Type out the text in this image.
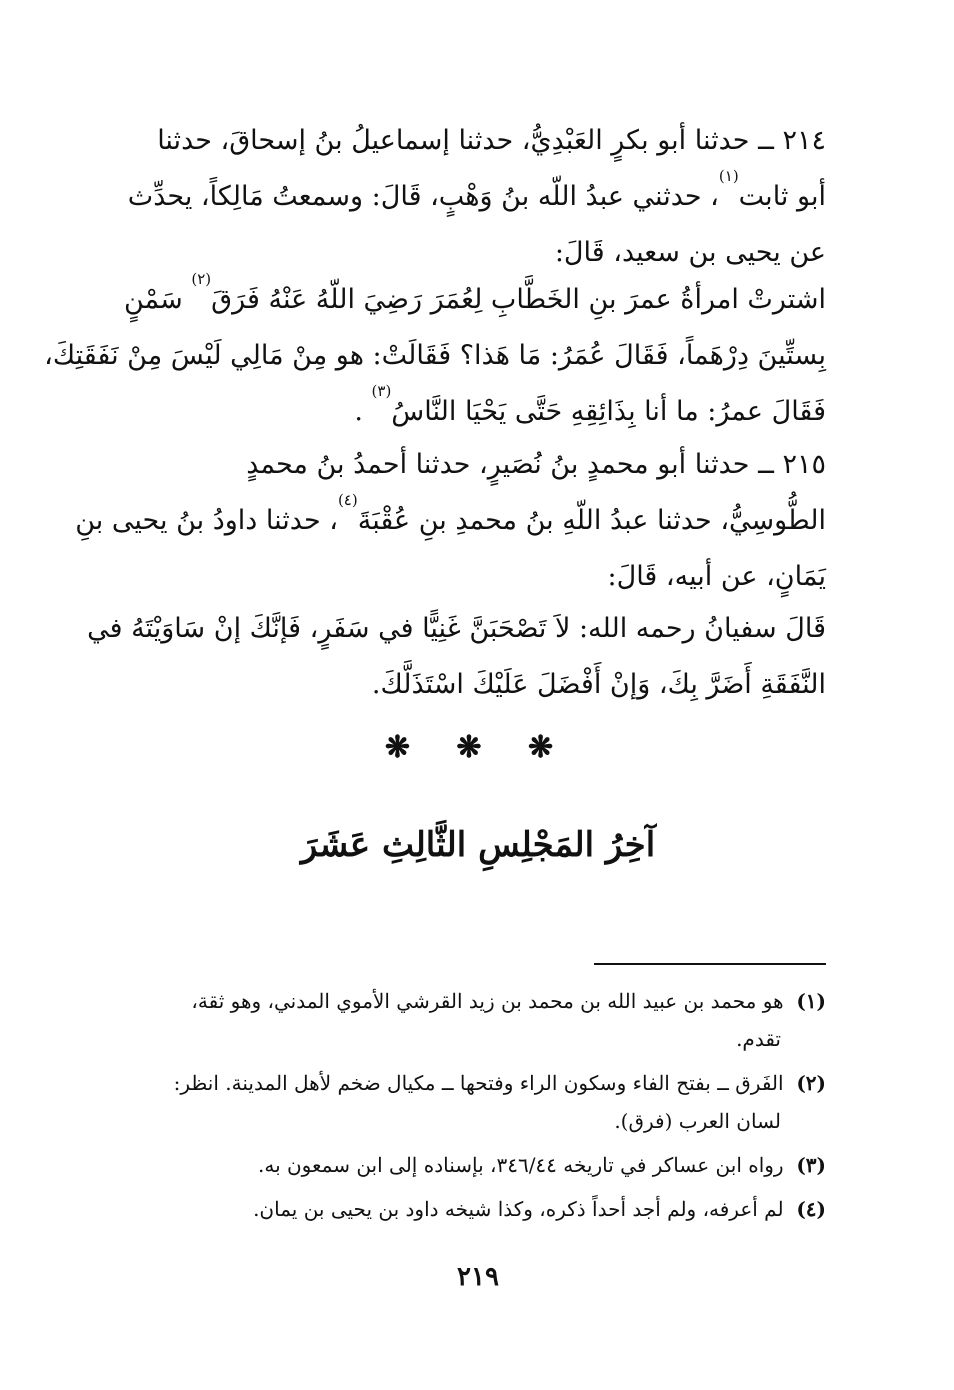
٢١٤ ــ حدثنا أبو بكرٍ العَبْدِيُّ، حدثنا إسماعيلُ بنُ إسحاقَ، حدثنا
أبو ثابت$^{(١)}$، حدثني عبدُ اللّه بنُ وَهْبٍ، قَالَ: وسمعتُ مَالِكاً، يحدِّث
عن يحيى بن سعيد، قَالَ:
اشترتْ امرأةُ عمرَ بنِ الخَطَّابِ لِعُمَرَ رَضِيَ اللّهُ عَنْهُ فَرَقَ$^{(٢)}$ سَمْنٍ
بِستِّينَ دِرْهَماً، فَقَالَ عُمَرُ: مَا هَذا؟ فَقَالَتْ: هو مِنْ مَالِي لَيْسَ مِنْ نَفَقَتِكَ،
فَقَالَ عمرُ: ما أنا بِذَائِقِهِ حَتَّى يَحْيَا النَّاسُ$^{(٣)}$ .
٢١٥ ــ حدثنا أبو محمدٍ بنُ نُصَيرٍ، حدثنا أحمدُ بنُ محمدٍ
الطُّوسِيُّ، حدثنا عبدُ اللّهِ بنُ محمدِ بنِ عُقْبَةَ$^{(٤)}$، حدثنا داودُ بنُ يحيى بنِ
يَمَانٍ، عن أبيه، قَالَ:
قَالَ سفيانُ رحمه الله: لاَ تَصْحَبَنَّ غَنِيًّا في سَفَرٍ، فَإنَّكَ إنْ سَاوَيْتَهُ في
النَّفَقَةِ أَضَرَّ بِكَ، وَإنْ أَفْضَلَ عَلَيْكَ اسْتَذَلَّكَ.
❋ ❋ ❋
آخِرُ المَجْلِسِ الثَّالِثِ عَشَرَ
(١)  هو محمد بن عبيد الله بن محمد بن زيد القرشي الأموي المدني، وهو ثقة،
تقدم.
(٢)  الفَرق ــ بفتح الفاء وسكون الراء وفتحها ــ مكيال ضخم لأهل المدينة. انظر:
لسان العرب (فرق).
(٣)  رواه ابن عساكر في تاريخه ٣٤٦/٤٤، بإسناده إلى ابن سمعون به.
(٤)  لم أعرفه، ولم أجد أحداً ذكره، وكذا شيخه داود بن يحيى بن يمان.
٢١٩
